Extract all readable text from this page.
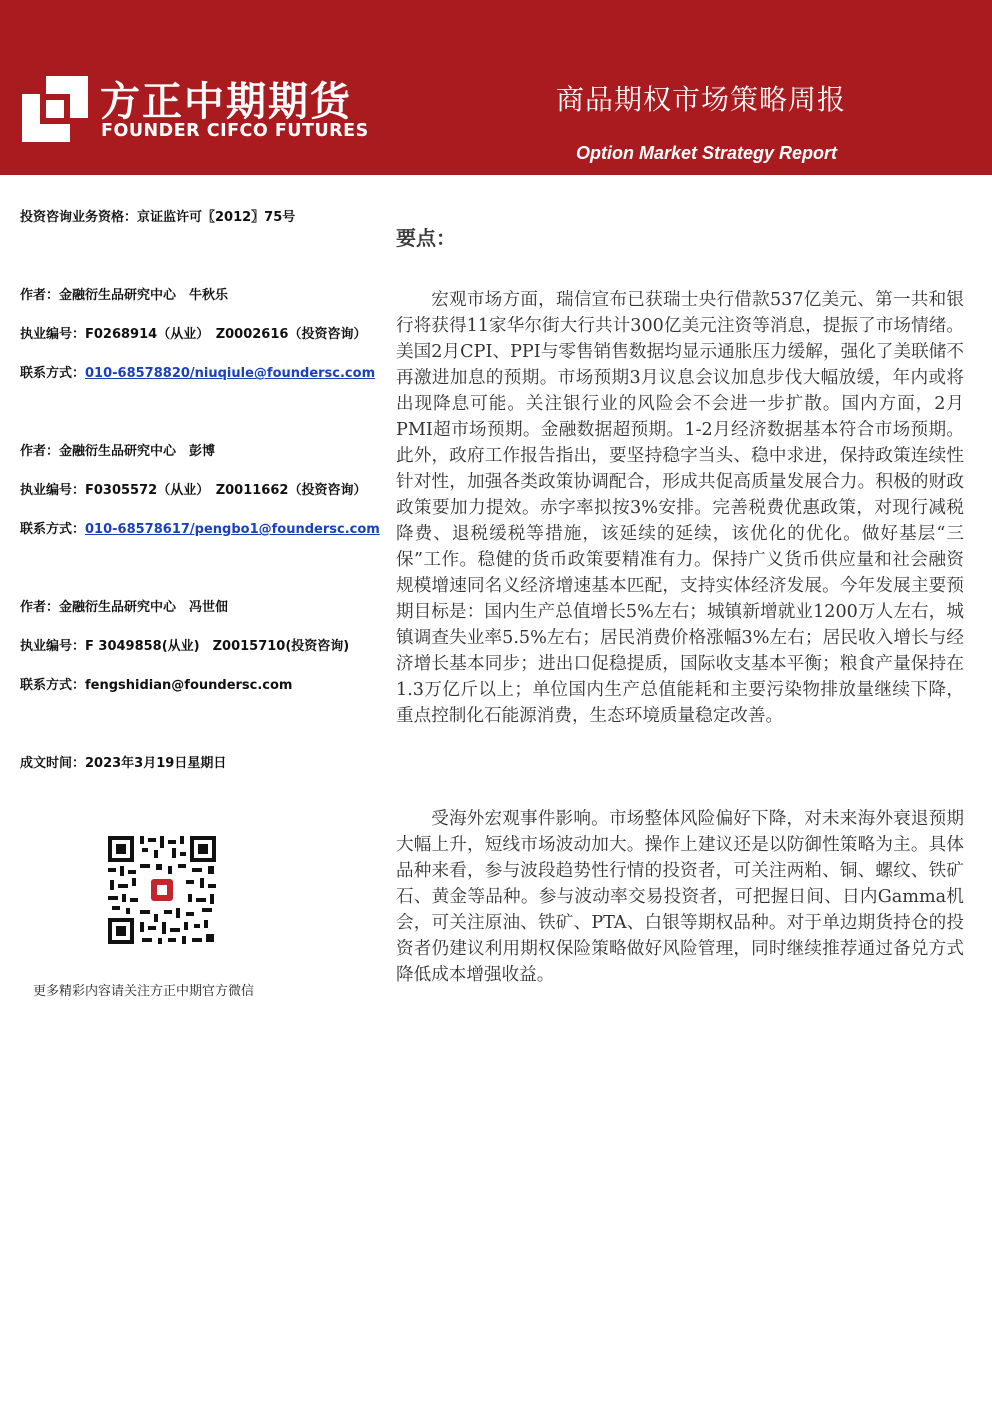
方正中期期货
FOUNDER CIFCO FUTURES
商品期权市场策略周报
Option Market Strategy Report
投资咨询业务资格：京证监许可〖2012〗75号
作者：金融衍生品研究中心　牛秋乐
执业编号：F0268914（从业）　Z0002616（投资咨询）
联系方式：010-68578820/niuqiule@foundersc.com
作者：金融衍生品研究中心　彭博
执业编号：F0305572（从业）　Z0011662（投资咨询）
联系方式：010-68578617/pengbo1@foundersc.com
作者：金融衍生品研究中心　冯世佃
执业编号：F 3049858(从业)　Z0015710(投资咨询)
联系方式：fengshidian@foundersc.com
成文时间：2023年3月19日星期日
更多精彩内容请关注方正中期官方微信
要点：

宏观市场方面，瑞信宣布已获瑞士央行借款537亿美元、第一共和银行将获得11家华尔街大行共计300亿美元注资等消息，提振了市场情绪。美国2月CPI、PPI与零售销售数据均显示通胀压力缓解，强化了美联储不再激进加息的预期。市场预期3月议息会议加息步伐大幅放缓，年内或将出现降息可能。关注银行业的风险会不会进一步扩散。国内方面，2月PMI超市场预期。金融数据超预期。1-2月经济数据基本符合市场预期。此外，政府工作报告指出，要坚持稳字当头、稳中求进，保持政策连续性针对性，加强各类政策协调配合，形成共促高质量发展合力。积极的财政政策要加力提效。赤字率拟按3%安排。完善税费优惠政策，对现行减税降费、退税缓税等措施，该延续的延续，该优化的优化。做好基层“三保”工作。稳健的货币政策要精准有力。保持广义货币供应量和社会融资规模增速同名义经济增速基本匹配，支持实体经济发展。今年发展主要预期目标是：国内生产总值增长5%左右；城镇新增就业1200万人左右，城镇调查失业率5.5%左右；居民消费价格涨幅3%左右；居民收入增长与经济增长基本同步；进出口促稳提质，国际收支基本平衡；粮食产量保持在1.3万亿斤以上；单位国内生产总值能耗和主要污染物排放量继续下降，重点控制化石能源消费，生态环境质量稳定改善。

受海外宏观事件影响。市场整体风险偏好下降，对未来海外衰退预期大幅上升，短线市场波动加大。操作上建议还是以防御性策略为主。具体品种来看，参与波段趋势性行情的投资者，可关注两粕、铜、螺纹、铁矿石、黄金等品种。参与波动率交易投资者，可把握日间、日内Gamma机会，可关注原油、铁矿、PTA、白银等期权品种。对于单边期货持仓的投资者仍建议利用期权保险策略做好风险管理，同时继续推荐通过备兑方式降低成本增强收益。
